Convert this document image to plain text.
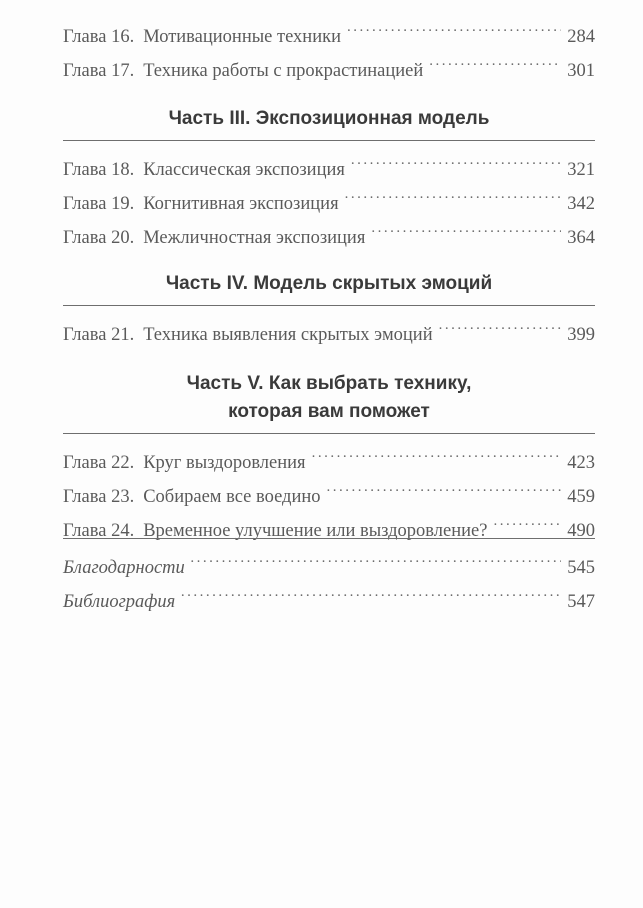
Глава 16. Мотивационные техники .....	284
Глава 17. Техника работы с прокрастинацией .....	301
Часть III. Экспозиционная модель
Глава 18. Классическая экспозиция .....	321
Глава 19. Когнитивная экспозиция .....	342
Глава 20. Межличностная экспозиция .....	364
Часть IV. Модель скрытых эмоций
Глава 21. Техника выявления скрытых эмоций .....	399
Часть V. Как выбрать технику,
которая вам поможет
Глава 22. Круг выздоровления .....	423
Глава 23. Собираем все воедино .....	459
Глава 24. Временное улучшение или выздоровление? .....	490
Благодарности .....	545
Библиография .....	547
